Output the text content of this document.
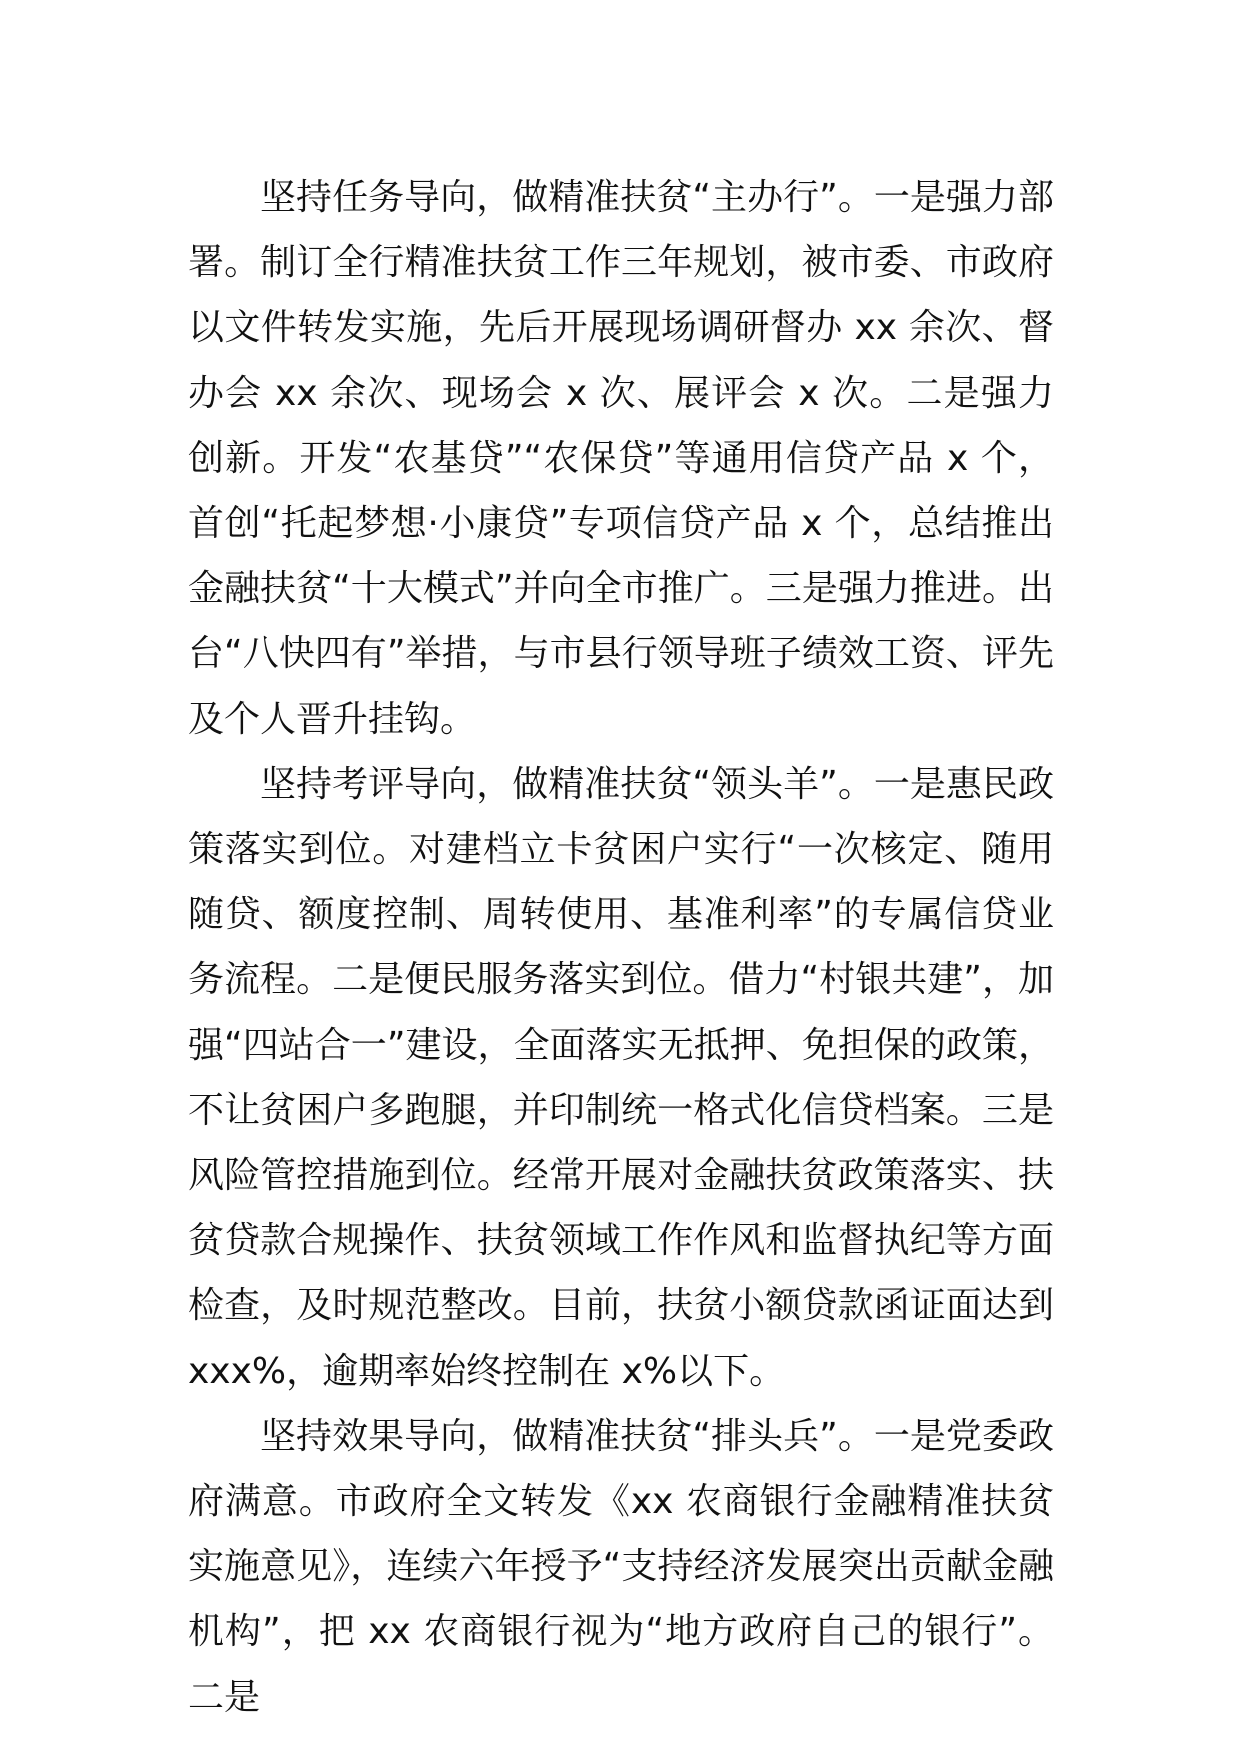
坚持任务导向，做精准扶贫“主办行”。一是强力部署。制订全行精准扶贫工作三年规划，被市委、市政府以文件转发实施，先后开展现场调研督办 xx 余次、督办会 xx 余次、现场会 x 次、展评会 x 次。二是强力创新。开发“农基贷”“农保贷”等通用信贷产品 x 个，首创“托起梦想·小康贷”专项信贷产品 x 个，总结推出金融扶贫“十大模式”并向全市推广。三是强力推进。出台“八快四有”举措，与市县行领导班子绩效工资、评先及个人晋升挂钩。

坚持考评导向，做精准扶贫“领头羊”。一是惠民政策落实到位。对建档立卡贫困户实行“一次核定、随用随贷、额度控制、周转使用、基准利率”的专属信贷业务流程。二是便民服务落实到位。借力“村银共建”，加强“四站合一”建设，全面落实无抵押、免担保的政策，不让贫困户多跑腿，并印制统一格式化信贷档案。三是风险管控措施到位。经常开展对金融扶贫政策落实、扶贫贷款合规操作、扶贫领域工作作风和监督执纪等方面检查，及时规范整改。目前，扶贫小额贷款函证面达到 xxx%，逾期率始终控制在 x%以下。

坚持效果导向，做精准扶贫“排头兵”。一是党委政府满意。市政府全文转发《xx 农商银行金融精准扶贫实施意见》，连续六年授予“支持经济发展突出贡献金融机构”，把 xx 农商银行视为“地方政府自己的银行”。二是
